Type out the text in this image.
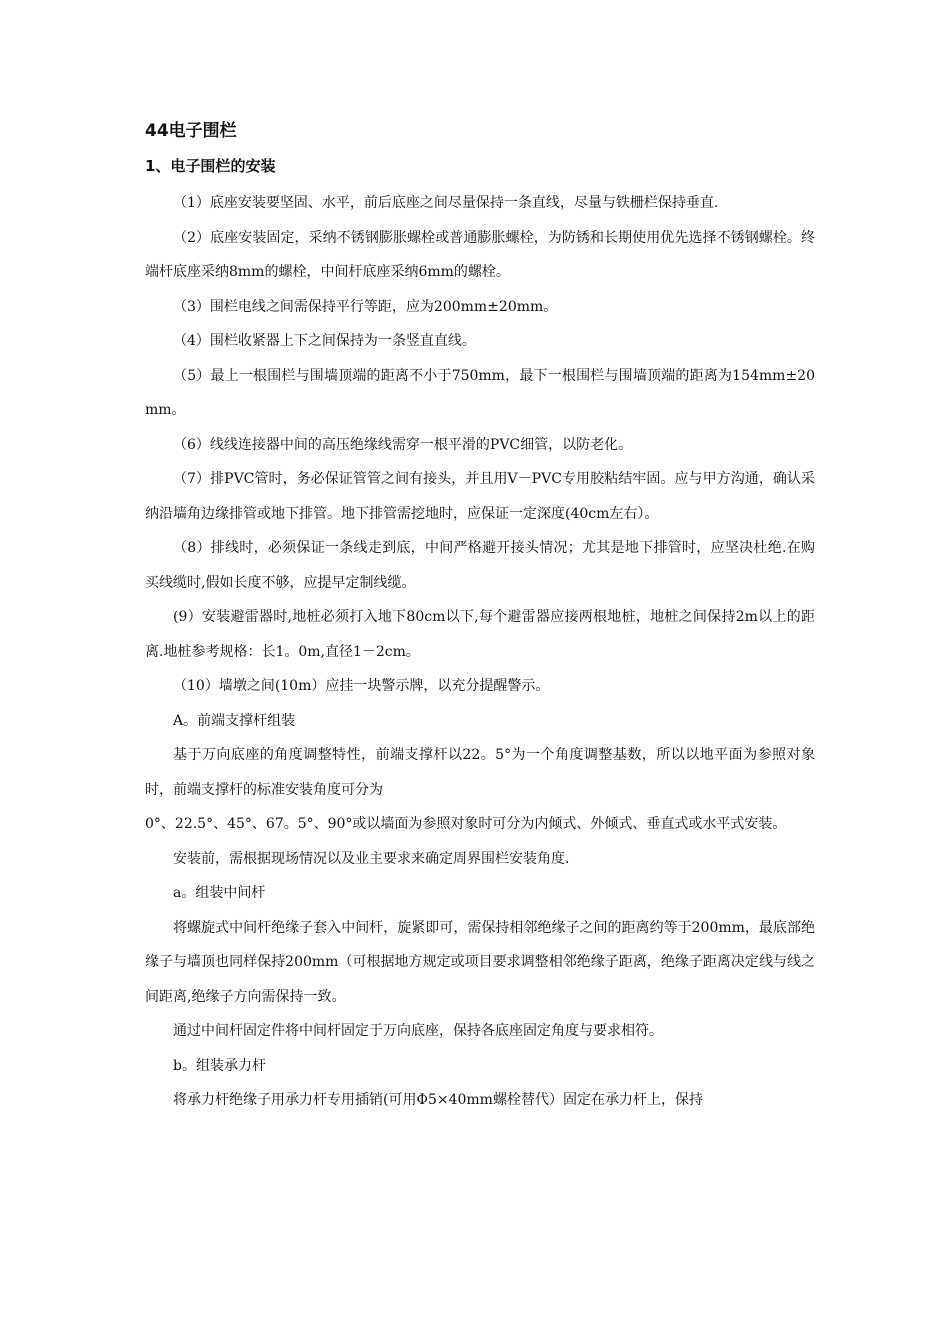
44电子围栏
1、电子围栏的安装

（1）底座安装要坚固、水平，前后底座之间尽量保持一条直线，尽量与铁栅栏保持垂直.

（2）底座安装固定，采纳不锈钢膨胀螺栓或普通膨胀螺栓，为防锈和长期使用优先选择不锈钢螺栓。终端杆底座采纳8mm的螺栓，中间杆底座采纳6mm的螺栓。

（3）围栏电线之间需保持平行等距，应为200mm±20mm。

（4）围栏收紧器上下之间保持为一条竖直直线。

（5）最上一根围栏与围墙顶端的距离不小于750mm，最下一根围栏与围墙顶端的距离为154mm±20mm。

（6）线线连接器中间的高压绝缘线需穿一根平滑的PVC细管，以防老化。

（7）排PVC管时，务必保证管管之间有接头，并且用V－PVC专用胶粘结牢固。应与甲方沟通，确认采纳沿墙角边缘排管或地下排管。地下排管需挖地时，应保证一定深度(40cm左右）。

（8）排线时，必须保证一条线走到底，中间严格避开接头情况；尤其是地下排管时，应坚决杜绝.在购买线缆时,假如长度不够，应提早定制线缆。

(9）安装避雷器时,地桩必须打入地下80cm以下,每个避雷器应接两根地桩，地桩之间保持2m以上的距离.地桩参考规格：长1。0m,直径1－2cm。

（10）墙墩之间(10m）应挂一块警示牌，以充分提醒警示。

A。前端支撑杆组装

基于万向底座的角度调整特性，前端支撑杆以22。5°为一个角度调整基数，所以以地平面为参照对象时，前端支撑杆的标准安装角度可分为

0°、22.5°、45°、67。5°、90°或以墙面为参照对象时可分为内倾式、外倾式、垂直式或水平式安装。

安装前，需根据现场情况以及业主要求来确定周界围栏安装角度.

a。组装中间杆

将螺旋式中间杆绝缘子套入中间杆，旋紧即可，需保持相邻绝缘子之间的距离约等于200mm，最底部绝缘子与墙顶也同样保持200mm（可根据地方规定或项目要求调整相邻绝缘子距离，绝缘子距离决定线与线之间距离,绝缘子方向需保持一致。

通过中间杆固定件将中间杆固定于万向底座，保持各底座固定角度与要求相符。

b。组装承力杆

将承力杆绝缘子用承力杆专用插销(可用Φ5×40mm螺栓替代）固定在承力杆上，保持
